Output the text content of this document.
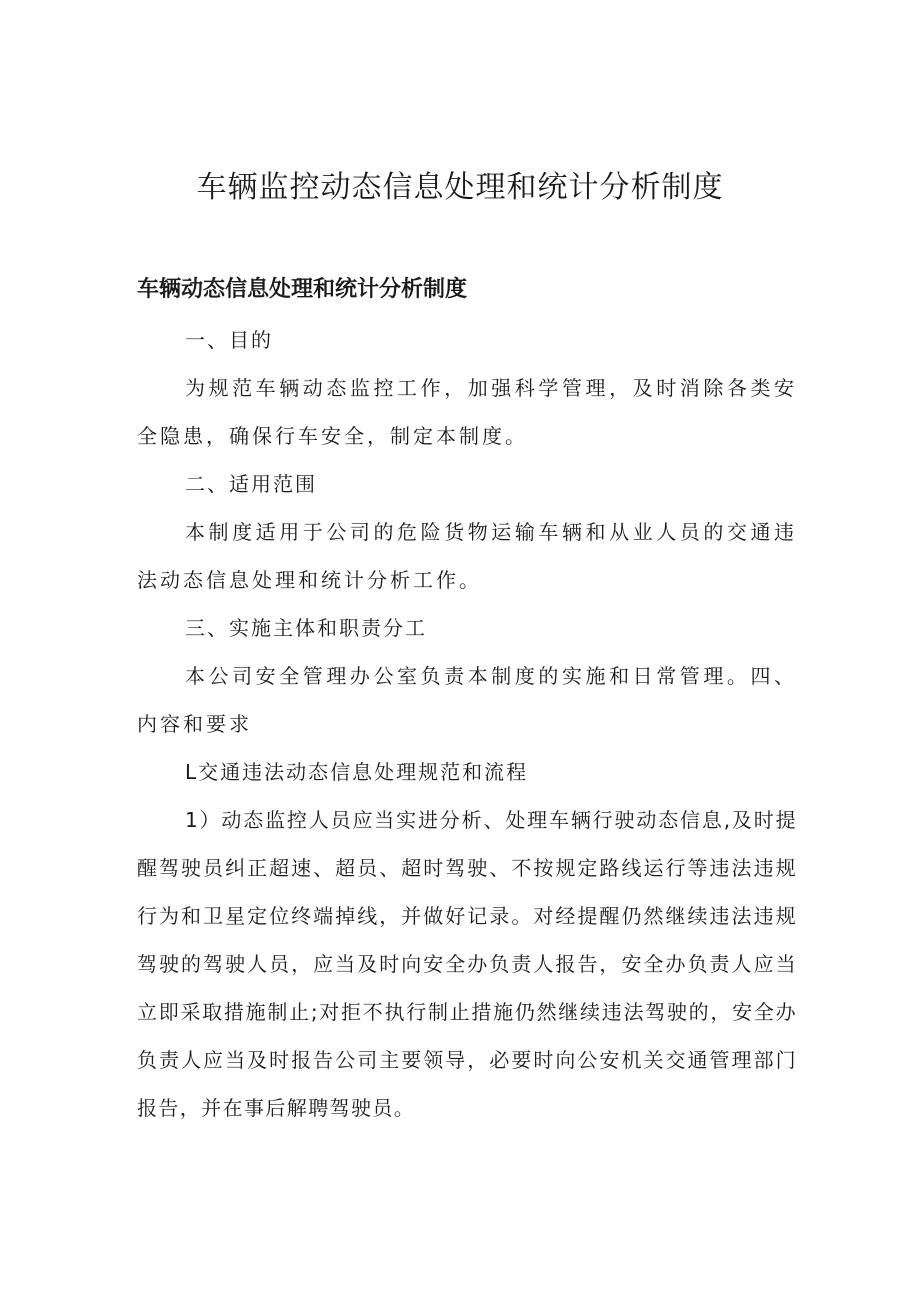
车辆监控动态信息处理和统计分析制度
车辆动态信息处理和统计分析制度

一、目的

为规范车辆动态监控工作，加强科学管理，及时消除各类安全隐患，确保行车安全，制定本制度。

二、适用范围

本制度适用于公司的危险货物运输车辆和从业人员的交通违法动态信息处理和统计分析工作。

三、实施主体和职责分工

本公司安全管理办公室负责本制度的实施和日常管理。四、内容和要求

L交通违法动态信息处理规范和流程

1）动态监控人员应当实进分析、处理车辆行驶动态信息,及时提醒驾驶员纠正超速、超员、超时驾驶、不按规定路线运行等违法违规行为和卫星定位终端掉线，并做好记录。对经提醒仍然继续违法违规驾驶的驾驶人员，应当及时向安全办负责人报告，安全办负责人应当立即采取措施制止;对拒不执行制止措施仍然继续违法驾驶的，安全办负责人应当及时报告公司主要领导，必要时向公安机关交通管理部门报告，并在事后解聘驾驶员。
